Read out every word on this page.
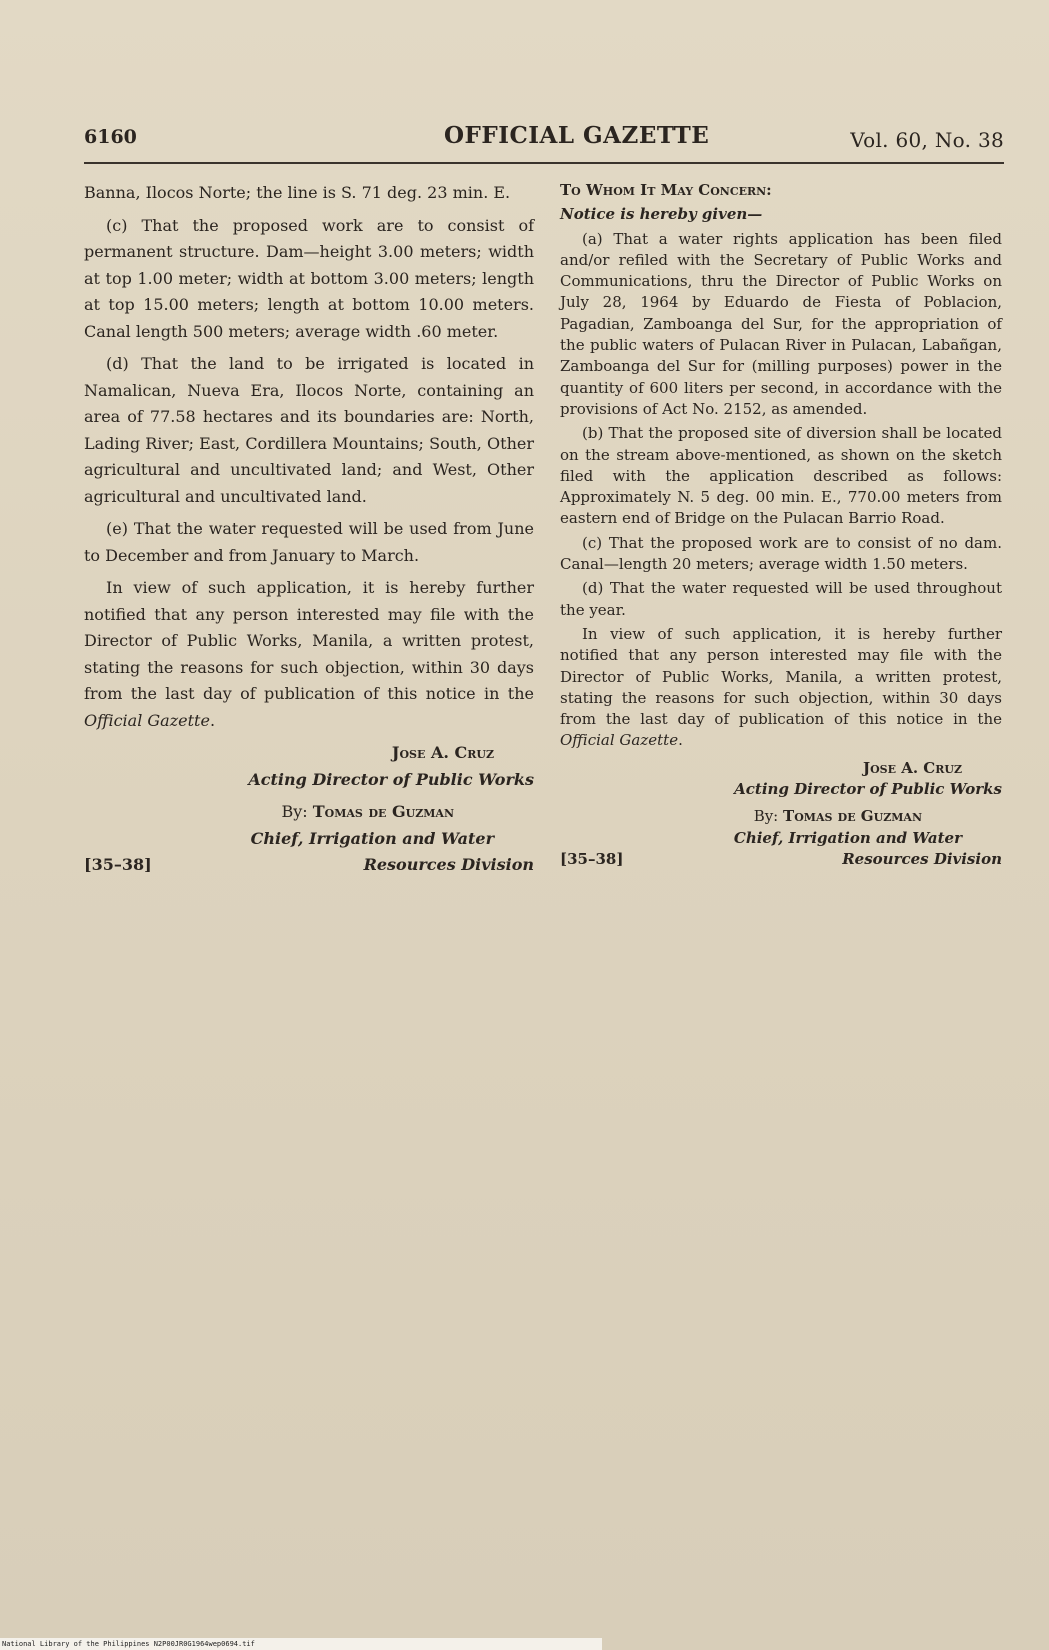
6160	OFFICIAL GAZETTE	Vol. 60, No. 38

Banna, Ilocos Norte; the line is S. 71 deg. 23 min. E.

(c) That the proposed work are to consist of permanent structure. Dam—height 3.00 meters; width at top 1.00 meter; width at bottom 3.00 meters; length at top 15.00 meters; length at bottom 10.00 meters. Canal length 500 meters; average width .60 meter.

(d) That the land to be irrigated is located in Namalican, Nueva Era, Ilocos Norte, containing an area of 77.58 hectares and its boundaries are: North, Lading River; East, Cordillera Mountains; South, Other agricultural and uncultivated land; and West, Other agricultural and uncultivated land.

(e) That the water requested will be used from June to December and from January to March.

In view of such application, it is hereby further notified that any person interested may file with the Director of Public Works, Manila, a written protest, stating the reasons for such objection, within 30 days from the last day of publication of this notice in the Official Gazette.

Jose A. Cruz
Acting Director of Public Works
By: Tomas de Guzman
Chief, Irrigation and Water
[35–38]	Resources Division

To Whom It May Concern:

Notice is hereby given—

(a) That a water rights application has been filed and/or refiled with the Secretary of Public Works and Communications, thru the Director of Public Works on July 28, 1964 by Eduardo de Fiesta of Poblacion, Pagadian, Zamboanga del Sur, for the appropriation of the public waters of Pulacan River in Pulacan, Labañgan, Zamboanga del Sur for (milling purposes) power in the quantity of 600 liters per second, in accordance with the provisions of Act No. 2152, as amended.

(b) That the proposed site of diversion shall be located on the stream above-mentioned, as shown on the sketch filed with the application described as follows: Approximately N. 5 deg. 00 min. E., 770.00 meters from eastern end of Bridge on the Pulacan Barrio Road.

(c) That the proposed work are to consist of no dam. Canal—length 20 meters; average width 1.50 meters.

(d) That the water requested will be used throughout the year.

In view of such application, it is hereby further notified that any person interested may file with the Director of Public Works, Manila, a written protest, stating the reasons for such objection, within 30 days from the last day of publication of this notice in the Official Gazette.

Jose A. Cruz
Acting Director of Public Works
By: Tomas de Guzman
Chief, Irrigation and Water
[35–38]	Resources Division
National Library of the Philippines N2P00JR0G1964wep0694.tif
